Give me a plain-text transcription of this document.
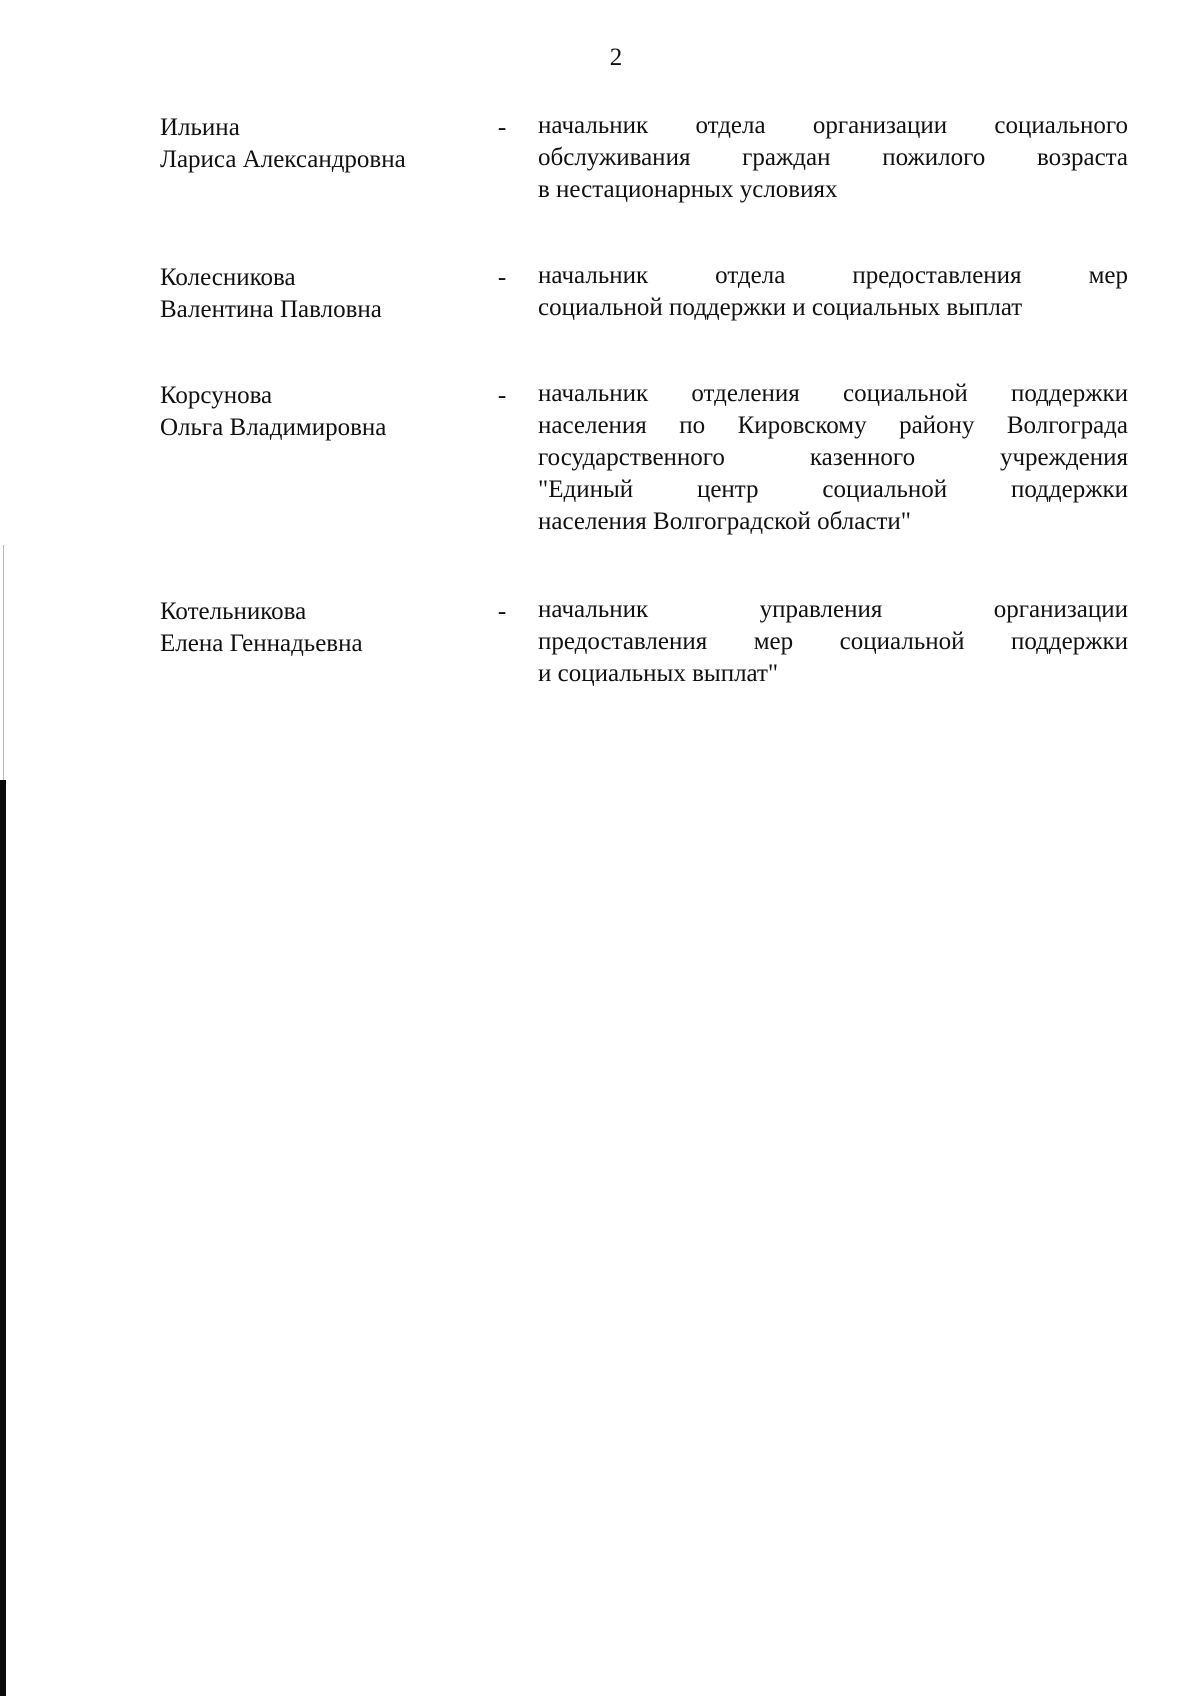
2
Ильина
Лариса Александровна
- начальник отдела организации социального
обслуживания граждан пожилого возраста
в нестационарных условиях
Колесникова
Валентина Павловна
- начальник отдела предоставления мер
социальной поддержки и социальных выплат
Корсунова
Ольга Владимировна
- начальник отделения социальной поддержки
населения по Кировскому району Волгограда
государственного казенного учреждения
"Единый центр социальной поддержки
населения Волгоградской области"
Котельникова
Елена Геннадьевна
- начальник управления организации
предоставления мер социальной поддержки
и социальных выплат"
